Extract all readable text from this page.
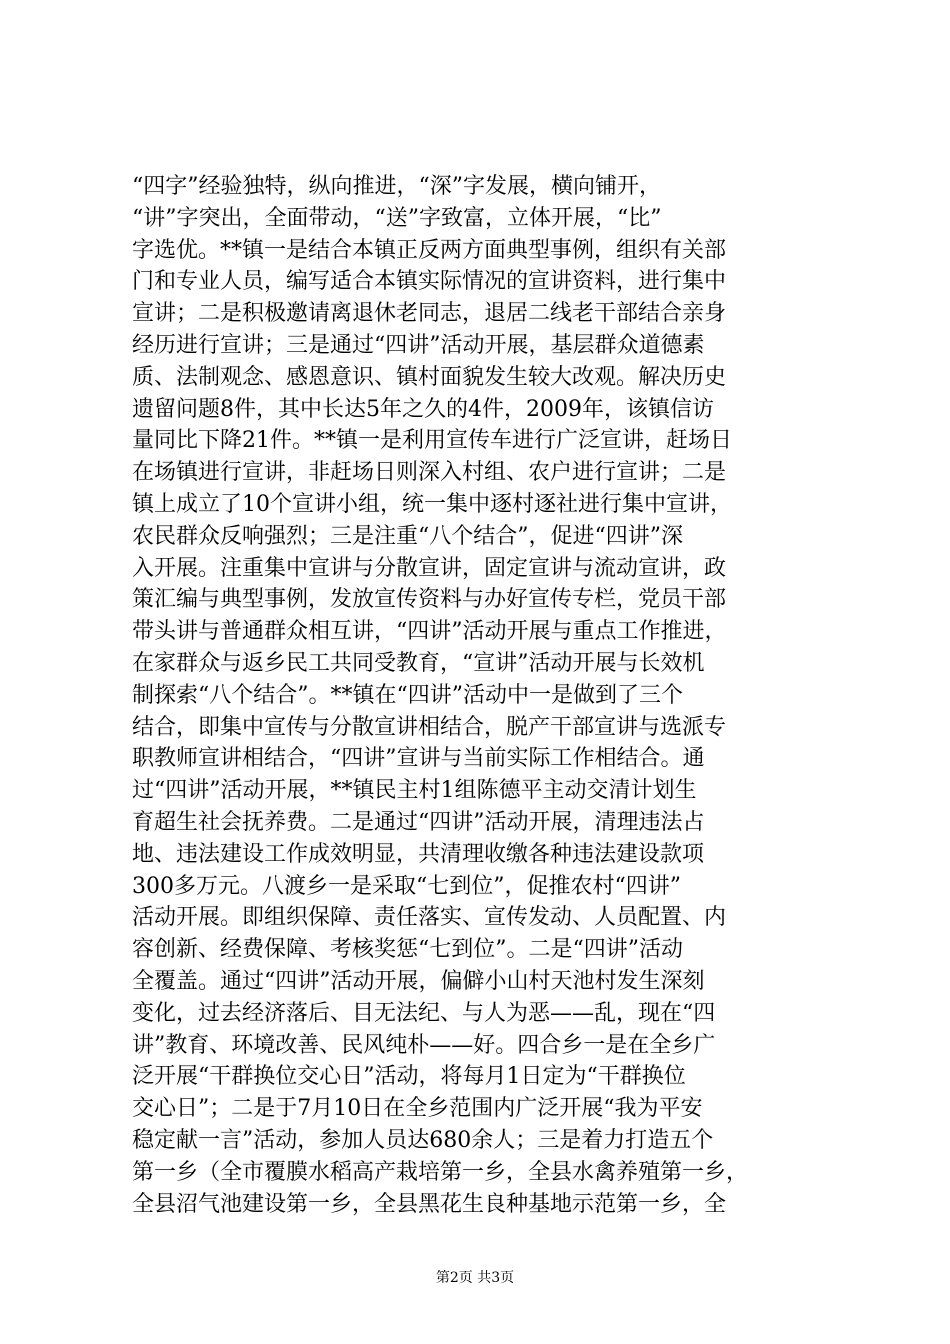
“四字”经验独特，纵向推进，“深”字发展，横向铺开，
“讲”字突出，全面带动，“送”字致富，立体开展，“比”
字选优。**镇一是结合本镇正反两方面典型事例，组织有关部
门和专业人员，编写适合本镇实际情况的宣讲资料，进行集中
宣讲；二是积极邀请离退休老同志，退居二线老干部结合亲身
经历进行宣讲；三是通过“四讲”活动开展，基层群众道德素
质、法制观念、感恩意识、镇村面貌发生较大改观。解决历史
遗留问题8件，其中长达5年之久的4件，2009年，该镇信访
量同比下降21件。**镇一是利用宣传车进行广泛宣讲，赶场日
在场镇进行宣讲，非赶场日则深入村组、农户进行宣讲；二是
镇上成立了10个宣讲小组，统一集中逐村逐社进行集中宣讲，
农民群众反响强烈；三是注重“八个结合”，促进“四讲”深
入开展。注重集中宣讲与分散宣讲，固定宣讲与流动宣讲，政
策汇编与典型事例，发放宣传资料与办好宣传专栏，党员干部
带头讲与普通群众相互讲，“四讲”活动开展与重点工作推进，
在家群众与返乡民工共同受教育，“宣讲”活动开展与长效机
制探索“八个结合”。**镇在“四讲”活动中一是做到了三个
结合，即集中宣传与分散宣讲相结合，脱产干部宣讲与选派专
职教师宣讲相结合，“四讲”宣讲与当前实际工作相结合。通
过“四讲”活动开展，**镇民主村1组陈德平主动交清计划生
育超生社会抚养费。二是通过“四讲”活动开展，清理违法占
地、违法建设工作成效明显，共清理收缴各种违法建设款项
300多万元。八渡乡一是采取“七到位”，促推农村“四讲”
活动开展。即组织保障、责任落实、宣传发动、人员配置、内
容创新、经费保障、考核奖惩“七到位”。二是“四讲”活动
全覆盖。通过“四讲”活动开展，偏僻小山村天池村发生深刻
变化，过去经济落后、目无法纪、与人为恶——乱，现在“四
讲”教育、环境改善、民风纯朴——好。四合乡一是在全乡广
泛开展“干群换位交心日”活动，将每月1日定为“干群换位
交心日”；二是于7月10日在全乡范围内广泛开展“我为平安
稳定献一言”活动，参加人员达680余人；三是着力打造五个
第一乡（全市覆膜水稻高产栽培第一乡，全县水禽养殖第一乡，
全县沼气池建设第一乡，全县黑花生良种基地示范第一乡，全
第2页 共3页
